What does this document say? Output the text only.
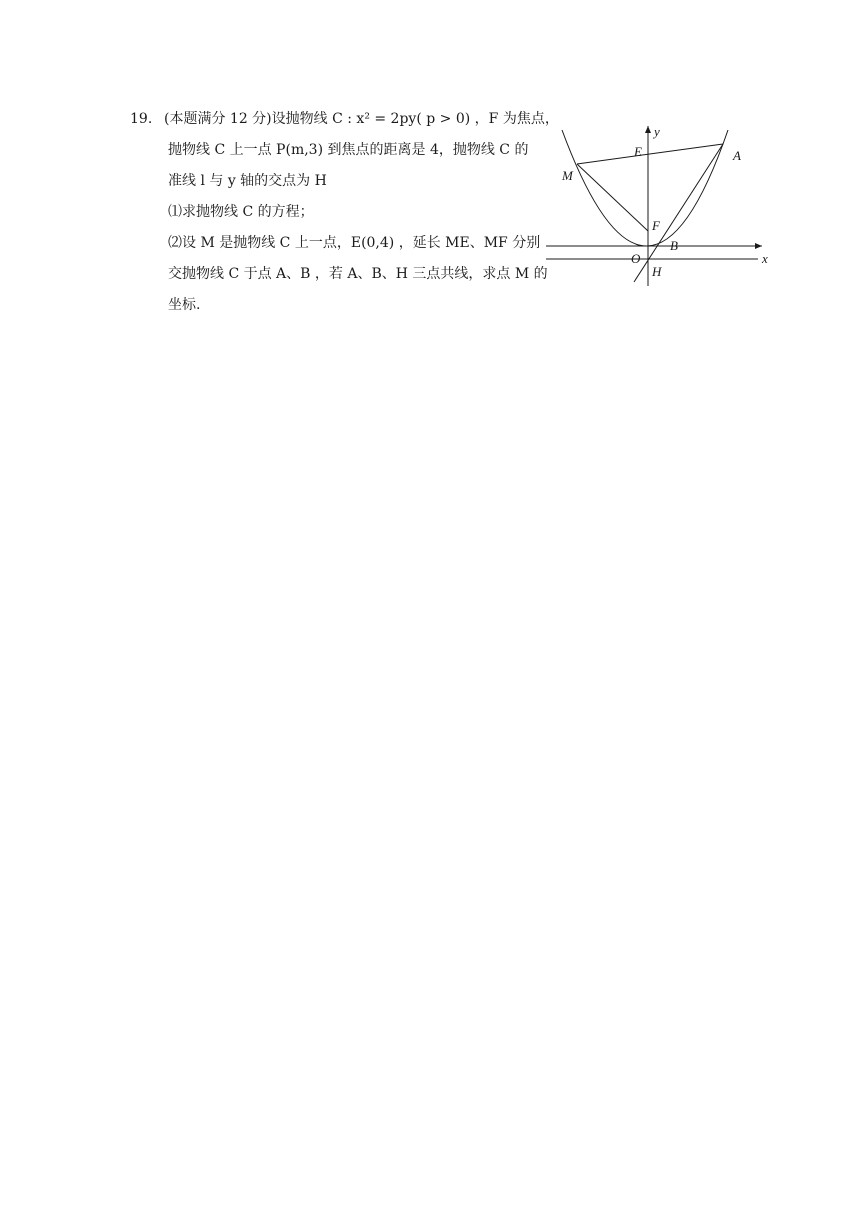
19. (本题满分 12 分)设抛物线 C : x² = 2py( p > 0) ，F 为焦点，
抛物线 C 上一点 P(m,3) 到焦点的距离是 4，抛物线 C 的
准线 l 与 y 轴的交点为 H
⑴求抛物线 C 的方程；
⑵设 M 是抛物线 C 上一点，E(0,4) ，延长 ME、MF 分别
交抛物线 C 于点 A、B ，若 A、B、H 三点共线，求点 M 的
坐标.
y
E	A
M
F
B
O
H
x
